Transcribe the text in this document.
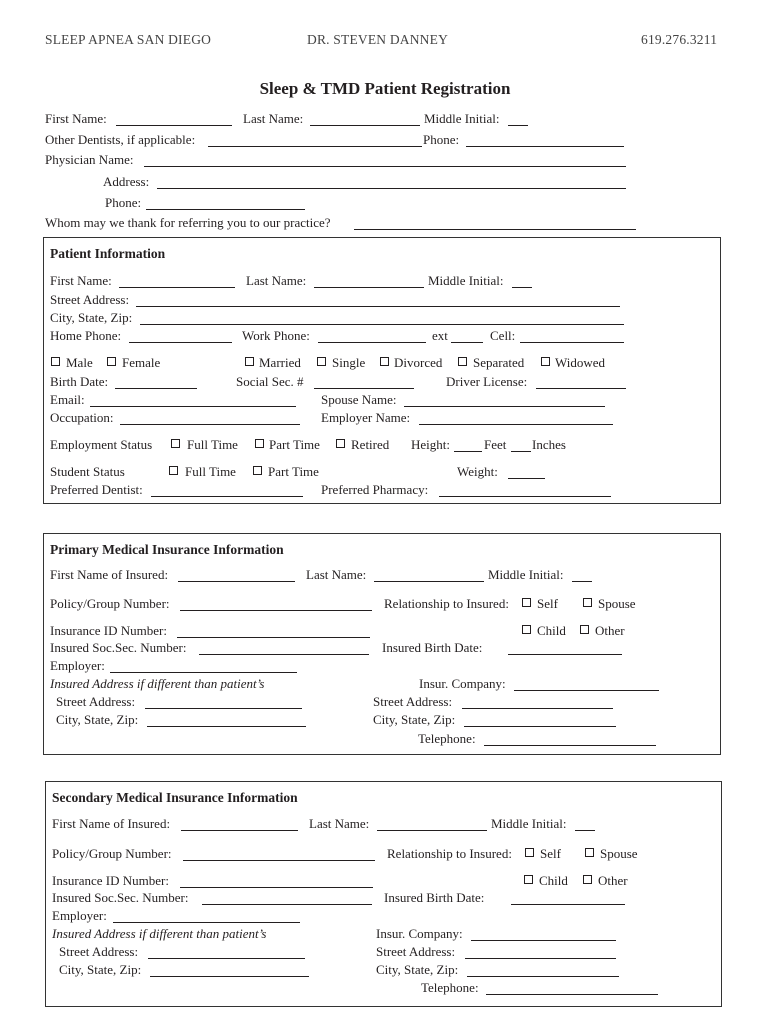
SLEEP APNEA SAN DIEGO	DR. STEVEN DANNEY	619.276.3211
Sleep & TMD Patient Registration
First Name:	Last Name:	Middle Initial:
Other Dentists, if applicable:	Phone:
Physician Name:
Address:
Phone:
Whom may we thank for referring you to our practice?
Patient Information
First Name:	Last Name:	Middle Initial:
Street Address:
City, State, Zip:
Home Phone:	Work Phone:	ext	Cell:
Male Female	Married Single Divorced Separated Widowed
Birth Date:	Social Sec. #	Driver License:
Email:	Spouse Name:
Occupation:	Employer Name:
Employment Status	Full Time Part Time Retired Height:	Feet Inches
Student Status	Full Time Part Time	Weight:
Preferred Dentist:	Preferred Pharmacy:
Primary Medical Insurance Information
First Name of Insured:	Last Name:	Middle Initial:
Policy/Group Number:	Relationship to Insured: Self	Spouse
Insurance ID Number:	Child Other
Insured Soc.Sec. Number:	Insured Birth Date:
Employer:
Insured Address if different than patient’s	Insur. Company:
Street Address:	Street Address:
City, State, Zip:	City, State, Zip:
Telephone:
Secondary Medical Insurance Information
First Name of Insured:	Last Name:	Middle Initial:
Policy/Group Number:	Relationship to Insured: Self	Spouse
Insurance ID Number:	Child Other
Insured Soc.Sec. Number:	Insured Birth Date:
Employer:
Insured Address if different than patient’s	Insur. Company:
Street Address:	Street Address:
City, State, Zip:	City, State, Zip:
Telephone:
